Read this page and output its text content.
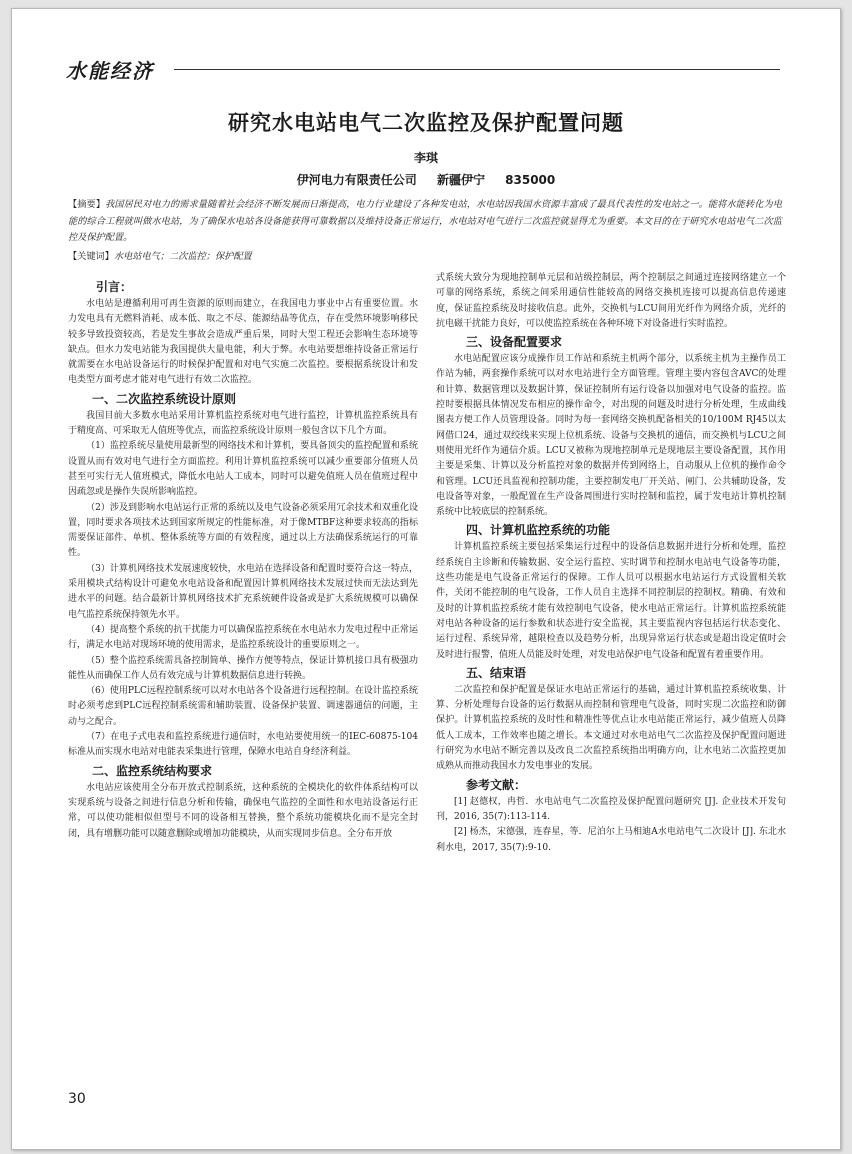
水能经济
研究水电站电气二次监控及保护配置问题
李琪
伊河电力有限责任公司 新疆伊宁 835000
【摘要】我国居民对电力的需求量随着社会经济不断发展而日渐提高，电力行业建设了各种发电站，水电站因我国水资源丰富成了最具代表性的发电站之一。能将水能转化为电能的综合工程就叫做水电站，为了确保水电站各设备能获得可靠数据以及维持设备正常运行，水电站对电气进行二次监控就显得尤为重要。本文目的在于研究水电站电气二次监控及保护配置。
【关键词】水电站电气；二次监控；保护配置
引言：

水电站是遵循利用可再生资源的原则而建立，在我国电力事业中占有重要位置。水力发电具有无燃料消耗、成本低、取之不尽、能源结晶等优点，存在受然环境影响移民较多导致投资较高，若是发生事故会造成严重后果，同时大型工程还会影响生态环境等缺点。但水力发电站能为我国提供大量电能，利大于弊。水电站要想维持设备正常运行就需要在水电站设备运行的时候保护配置和对电气实施二次监控。要根据系统设计和发电类型方面考虑才能对电气进行有效二次监控。

一、二次监控系统设计原则

我国目前大多数水电站采用计算机监控系统对电气进行监控，计算机监控系统具有于精度高、可采取无人值班等优点，而监控系统设计原则一般包含以下几个方面。

（1）监控系统尽量使用最新型的网络技术和计算机，要具备顶尖的监控配置和系统设置从而有效对电气进行全方面监控。利用计算机监控系统可以减少重要部分值班人员甚至可实行无人值班模式，降低水电站人工成本，同时可以避免值班人员在值班过程中因疏忽或是操作失误所影响监控。

（2）涉及到影响水电站运行正常的系统以及电气设备必须采用冗余技术和双重化设置，同时要求各项技术达到国家所规定的性能标准，对于像MTBF这种要求较高的指标需要保证部件、单机、整体系统等方面的有效程度，通过以上方法确保系统运行的可靠性。

（3）计算机网络技术发展速度较快，水电站在选择设备和配置时要符合这一特点，采用模块式结构设计可避免水电站设备和配置因计算机网络技术发展过快而无法达到先进水平的问题。结合最新计算机网络技术扩充系统硬件设备或是扩大系统规模可以确保电气监控系统保持领先水平。

（4）提高整个系统的抗干扰能力可以确保监控系统在水电站水力发电过程中正常运行，满足水电站对现场环境的使用需求，是监控系统设计的重要原则之一。

（5）整个监控系统需具备控制简单、操作方便等特点，保证计算机接口具有极强功能性从而确保工作人员有效完成与计算机数据信息进行转换。

（6）使用PLC远程控制系统可以对水电站各个设备进行远程控制。在设计监控系统时必须考虑到PLC远程控制系统需和辅助装置、设备保护装置、调速器通信的问题，主动与之配合。

（7）在电子式电表和监控系统进行通信时，水电站要使用统一的IEC-60875-104标准从而实现水电站对电能表采集进行管理，保障水电站自身经济利益。

二、监控系统结构要求

水电站应该使用全分布开放式控制系统，这种系统的全模块化的软件体系结构可以实现系统与设备之间进行信息分析和传输，确保电气监控的全面性和水电站设备运行正常，可以使功能相似但型号不同的设备相互替换，整个系统功能模块化而不是完全封闭，具有增删功能可以随意删除或增加功能模块，从而实现同步信息。全分布开放

式系统大致分为现地控制单元层和站级控制层，两个控制层之间通过连接网络建立一个可靠的网络系统，系统之间采用通信性能较高的网络交换机连接可以提高信息传递速度，保证监控系统及时接收信息。此外，交换机与LCU间用光纤作为网络介质，光纤的抗电磁干扰能力良好，可以使监控系统在各种环境下对设备进行实时监控。

三、设备配置要求

水电站配置应该分成操作员工作站和系统主机两个部分，以系统主机为主操作员工作站为辅，两套操作系统可以对水电站进行全方面管理。管理主要内容包含AVC的处理和计算、数据管理以及数据计算，保证控制所有运行设备以加强对电气设备的监控。监控时要根据具体情况发布相应的操作命令，对出现的问题及时进行分析处理，生成曲线图表方便工作人员管理设备。同时为每一套网络交换机配备相关的10/100M RJ45以太网借口24，通过双绞线来实现上位机系统、设备与交换机的通信，而交换机与LCU之间则使用光纤作为通信介质。LCU又被称为现地控制单元是现地层主要设备配置，其作用主要是采集、计算以及分析监控对象的数据并传到网络上，自动服从上位机的操作命令和管理。LCU还具监视和控制功能，主要控制发电厂开关站、闸门、公共辅助设备，发电设备等对象，一般配置在生产设备周围进行实时控制和监控，属于发电站计算机控制系统中比较底层的控制系统。

四、计算机监控系统的功能

计算机监控系统主要包括采集运行过程中的设备信息数据并进行分析和处理，监控经系统自主诊断和传输数据、安全运行监控、实时调节和控制水电站电气设备等功能，这些功能是电气设备正常运行的保障。工作人员可以根据水电站运行方式设置相关软件，关闭不能控制的电气设备，工作人员自主选择不同控制层的控制权。精确、有效和及时的计算机监控系统才能有效控制电气设备，使水电站正常运行。计算机监控系统能对电站各种设备的运行参数和状态进行安全监视，其主要监视内容包括运行状态变化、运行过程、系统异常，越限检查以及趋势分析，出现异常运行状态或是超出设定值时会及时进行报警，值班人员能及时处理，对发电站保护电气设备和配置有着重要作用。

五、结束语

二次监控和保护配置是保证水电站正常运行的基础，通过计算机监控系统收集、计算、分析处理每台设备的运行数据从而控制和管理电气设备，同时实现二次监控和防御保护。计算机监控系统的及时性和精准性等优点让水电站能正常运行，减少值班人员降低人工成本，工作效率也随之增长。本文通过对水电站电气二次监控及保护配置问题进行研究为水电站不断完善以及改良二次监控系统指出明确方向，让水电站二次监控更加成熟从而推动我国水力发电事业的发展。

参考文献：

[1] 赵德权，冉哲．水电站电气二次监控及保护配置问题研究 [J]. 企业技术开发旬刊，2016, 35(7):113-114.

[2] 杨杰，宋德强，连春星，等．尼泊尔上马相迪A水电站电气二次设计 [J]. 东北水利水电，2017, 35(7):9-10.

30
